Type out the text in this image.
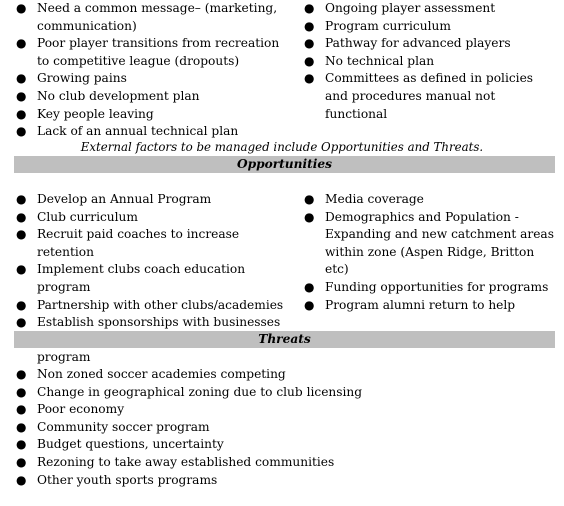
● Need a common message– (marketing, communication)
● Poor player transitions from recreation to competitive league (dropouts)
● Growing pains
● No club development plan
● Key people leaving
● Lack of an annual technical plan
● Ongoing player assessment
● Program curriculum
● Pathway for advanced players
● No technical plan
● Committees as defined in policies and procedures manual not functional
External factors to be managed include Opportunities and Threats.
Opportunities
● Develop an Annual Program
● Club curriculum
● Recruit paid coaches to increase retention
● Implement clubs coach education program
● Partnership with other clubs/academies
● Establish sponsorships with businesses
program
● Media coverage
● Demographics and Population - Expanding and new catchment areas within zone (Aspen Ridge, Britton etc)
● Funding opportunities for programs
● Program alumni return to help
Threats
● Non zoned soccer academies competing
● Change in geographical zoning due to club licensing
● Poor economy
● Community soccer program
● Budget questions, uncertainty
● Rezoning to take away established communities
● Other youth sports programs
